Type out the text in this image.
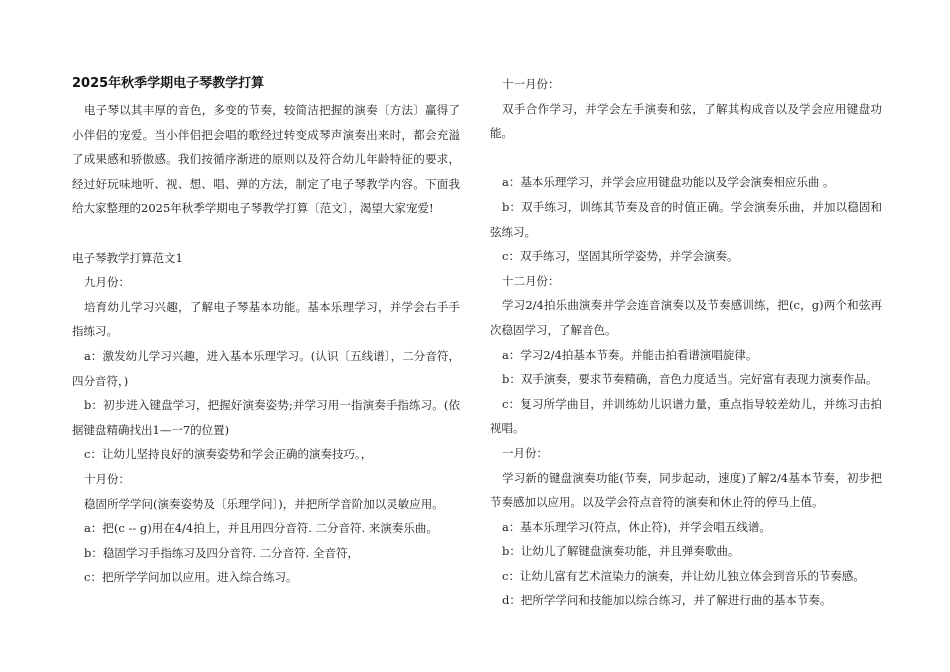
2025年秋季学期电子琴教学打算

电子琴以其丰厚的音色，多变的节奏，较简洁把握的演奏〔方法〕赢得了小伴侣的宠爱。当小伴侣把会唱的歌经过转变成琴声演奏出来时，都会充溢了成果感和骄傲感。我们按循序渐进的原则以及符合幼儿年龄特征的要求，经过好玩味地听、视、想、唱、弹的方法，制定了电子琴教学内容。下面我给大家整理的2025年秋季学期电子琴教学打算〔范文〕，渴望大家宠爱!

电子琴教学打算范文1

九月份：

培育幼儿学习兴趣，了解电子琴基本功能。基本乐理学习，并学会右手手指练习。

a：激发幼儿学习兴趣，进入基本乐理学习。(认识〔五线谱〕，二分音符，四分音符，)

b：初步进入键盘学习，把握好演奏姿势;并学习用一指演奏手指练习。(依据键盘精确找出1—一7的位置)

c：让幼儿坚持良好的演奏姿势和学会正确的演奏技巧。，

十月份：

稳固所学学问(演奏姿势及〔乐理学问〕)，并把所学音阶加以灵敏应用。

a：把(c -- g)用在4/4拍上，并且用四分音符. 二分音符. 来演奏乐曲。

b：稳固学习手指练习及四分音符. 二分音符. 全音符，

c：把所学学问加以应用。进入综合练习。

十一月份：

双手合作学习，并学会左手演奏和弦，了解其构成音以及学会应用键盘功能。

a：基本乐理学习，并学会应用键盘功能以及学会演奏相应乐曲 。

b：双手练习，训练其节奏及音的时值正确。学会演奏乐曲，并加以稳固和弦练习。

c：双手练习，坚固其所学姿势，并学会演奏。

十二月份：

学习2/4拍乐曲演奏并学会连音演奏以及节奏感训练，把(c，g)两个和弦再次稳固学习，了解音色。

a：学习2/4拍基本节奏。并能击拍看谱演唱旋律。

b：双手演奏，要求节奏精确，音色力度适当。完好富有表现力演奏作品。

c：复习所学曲目，并训练幼儿识谱力量，重点指导较差幼儿，并练习击拍视唱。

一月份：

学习新的键盘演奏功能(节奏，同步起动，速度)了解2/4基本节奏，初步把节奏感加以应用。以及学会符点音符的演奏和休止符的停马上值。

a：基本乐理学习(符点，休止符)，并学会唱五线谱。

b：让幼儿了解键盘演奏功能，并且弹奏歌曲。

c：让幼儿富有艺术渲染力的演奏，并让幼儿独立体会到音乐的节奏感。

d：把所学学问和技能加以综合练习，并了解进行曲的基本节奏。
